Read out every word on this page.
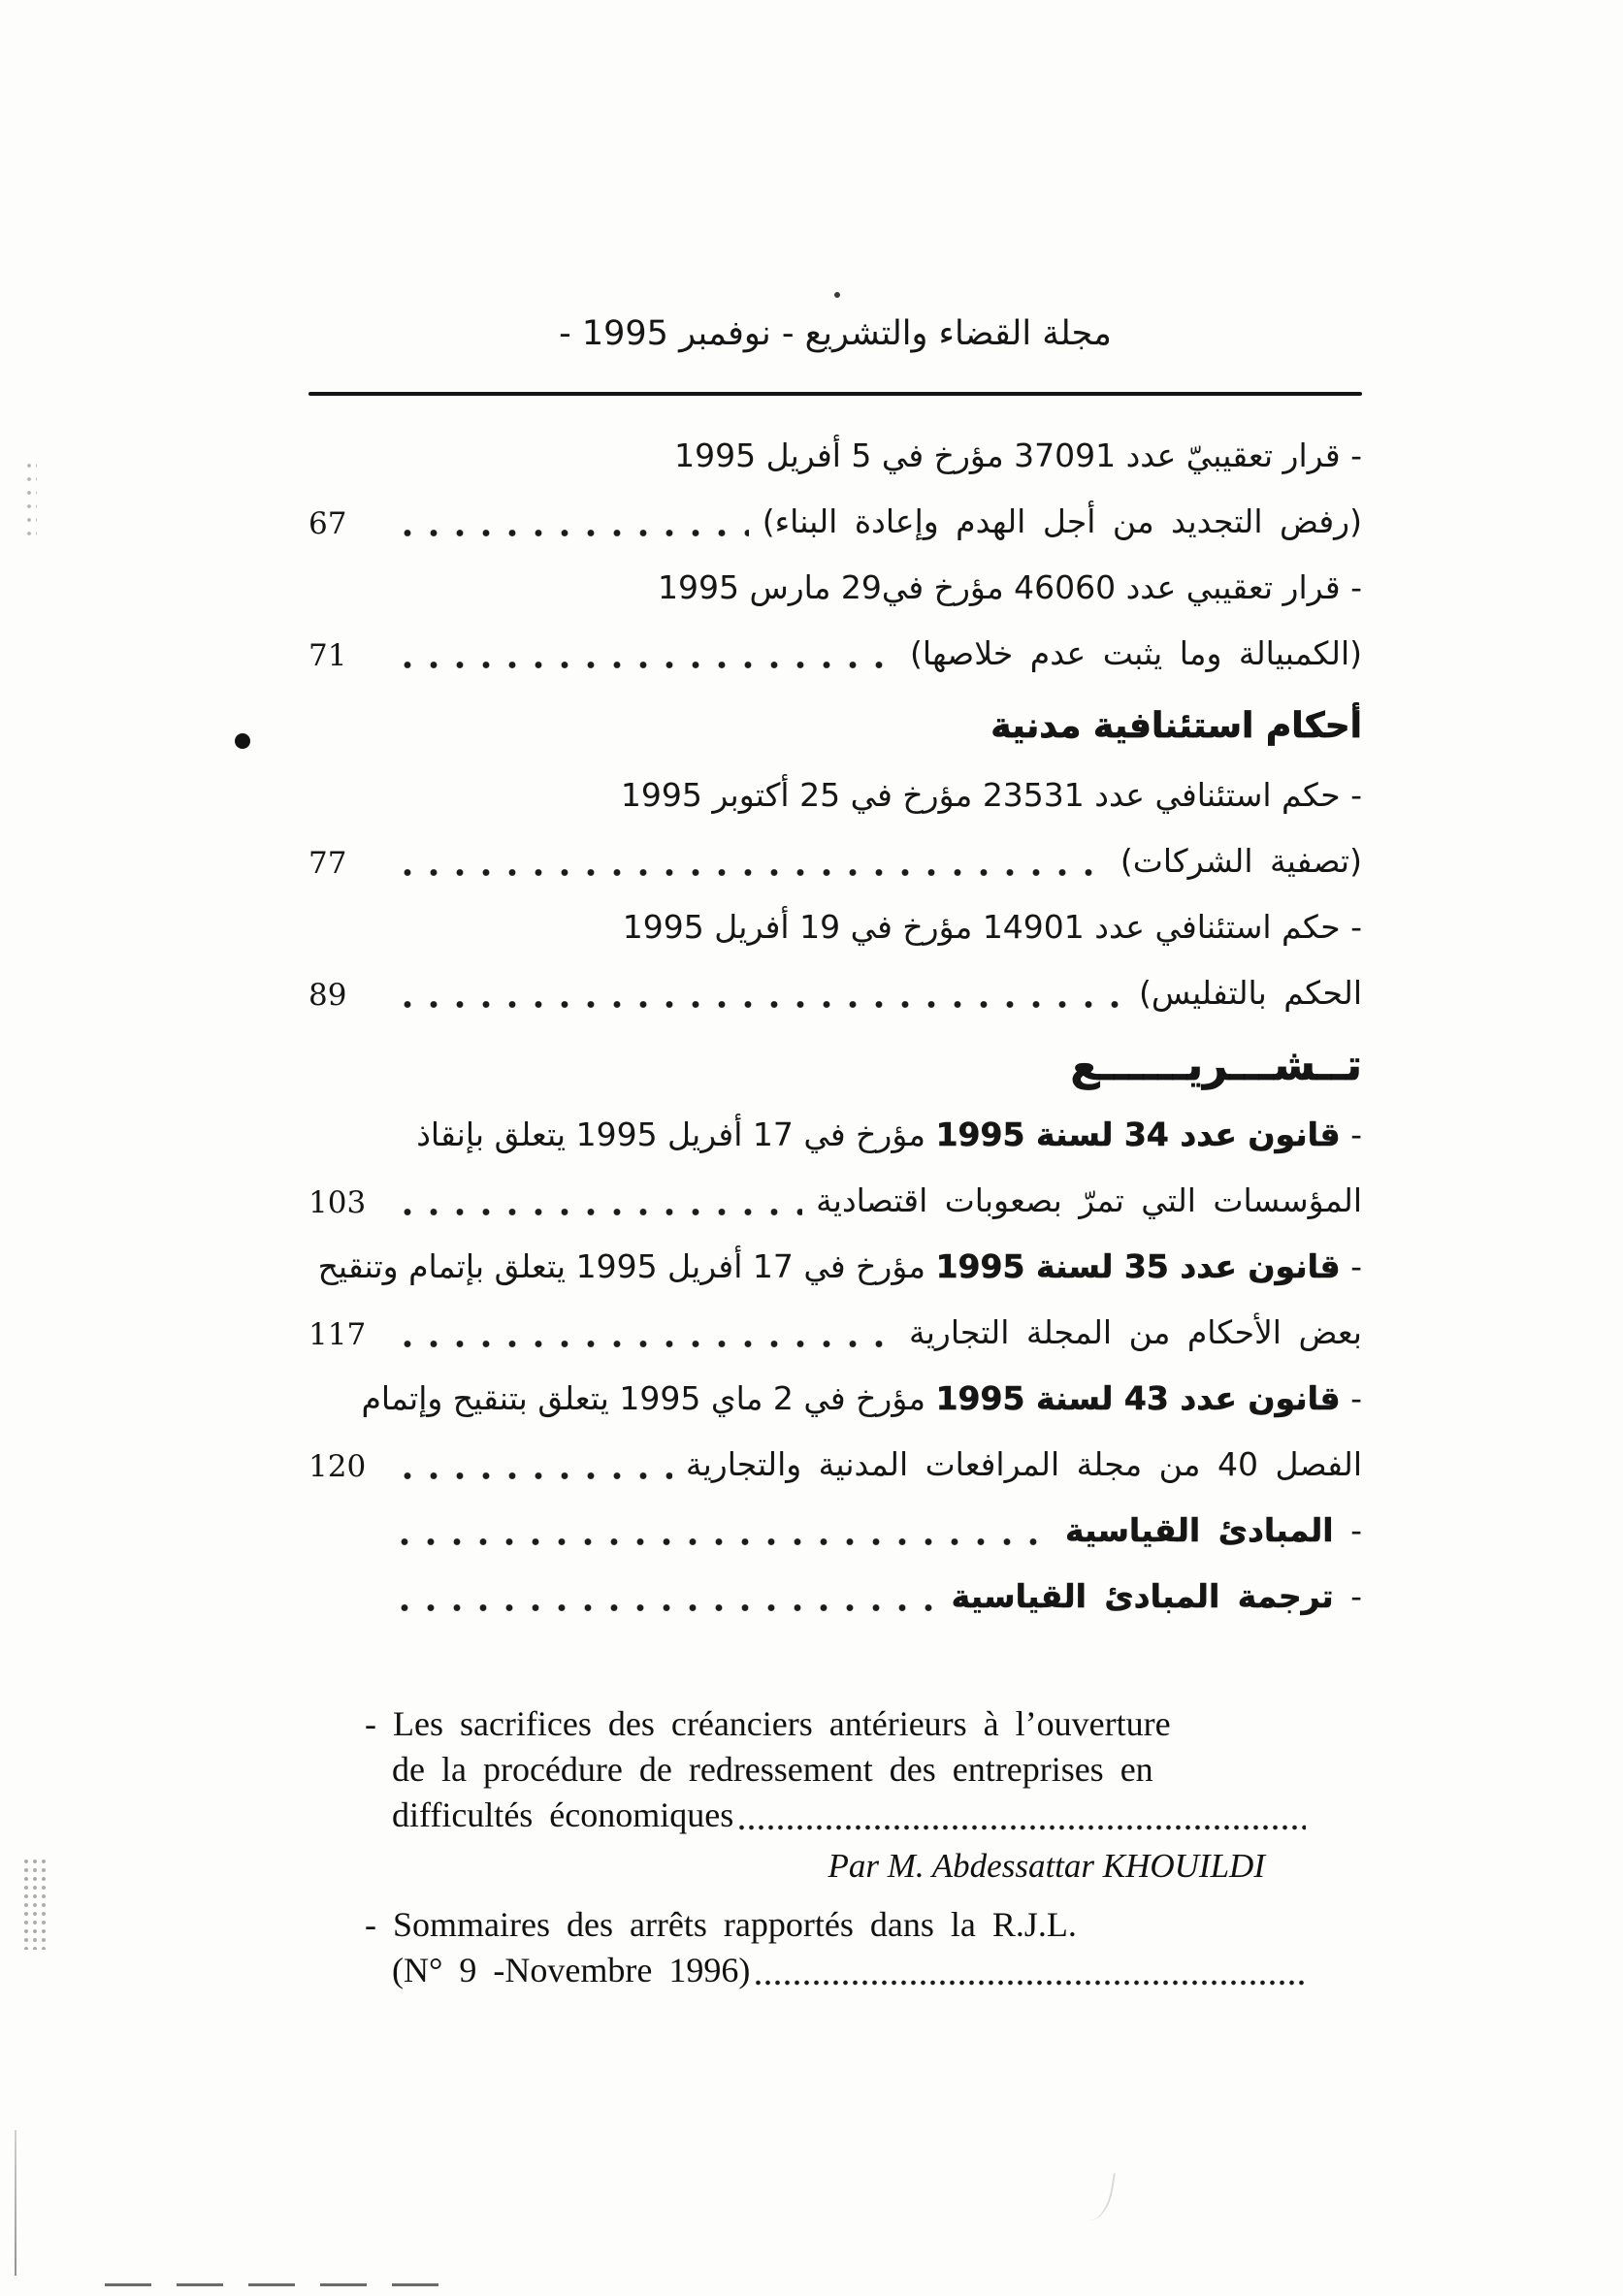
مجلة القضاء والتشريع - نوفمبر 1995 -
- قرار تعقيبيّ عدد 37091 مؤرخ في 5 أفريل 1995
(رفض التجديد من أجل الهدم وإعادة البناء)
67
- قرار تعقيبي عدد 46060 مؤرخ في29 مارس 1995
(الكمبيالة وما يثبت عدم خلاصها)
71
أحكام استئنافية مدنية
- حكم استئنافي عدد 23531 مؤرخ في 25 أكتوبر 1995
(تصفية الشركات)
77
- حكم استئنافي عدد 14901 مؤرخ في 19 أفريل 1995
الحكم بالتفليس)
89
تــشـــريــــــع
- قانون عدد 34 لسنة 1995 مؤرخ في 17 أفريل 1995 يتعلق بإنقاذ
المؤسسات التي تمرّ بصعوبات اقتصادية
103
- قانون عدد 35 لسنة 1995 مؤرخ في 17 أفريل 1995 يتعلق بإتمام وتنقيح
بعض الأحكام من المجلة التجارية
117
- قانون عدد 43 لسنة 1995 مؤرخ في 2 ماي 1995 يتعلق بتنقيح وإتمام
الفصل 40 من مجلة المرافعات المدنية والتجارية
120
- المبادئ القياسية
- ترجمة المبادئ القياسية
- Les sacrifices des créanciers antérieurs à l’ouverture
de la procédure de redressement des entreprises en
difficultés économiques
Par M. Abdessattar KHOUILDI
- Sommaires des arrêts rapportés dans la R.J.L.
(N° 9 -Novembre 1996)
